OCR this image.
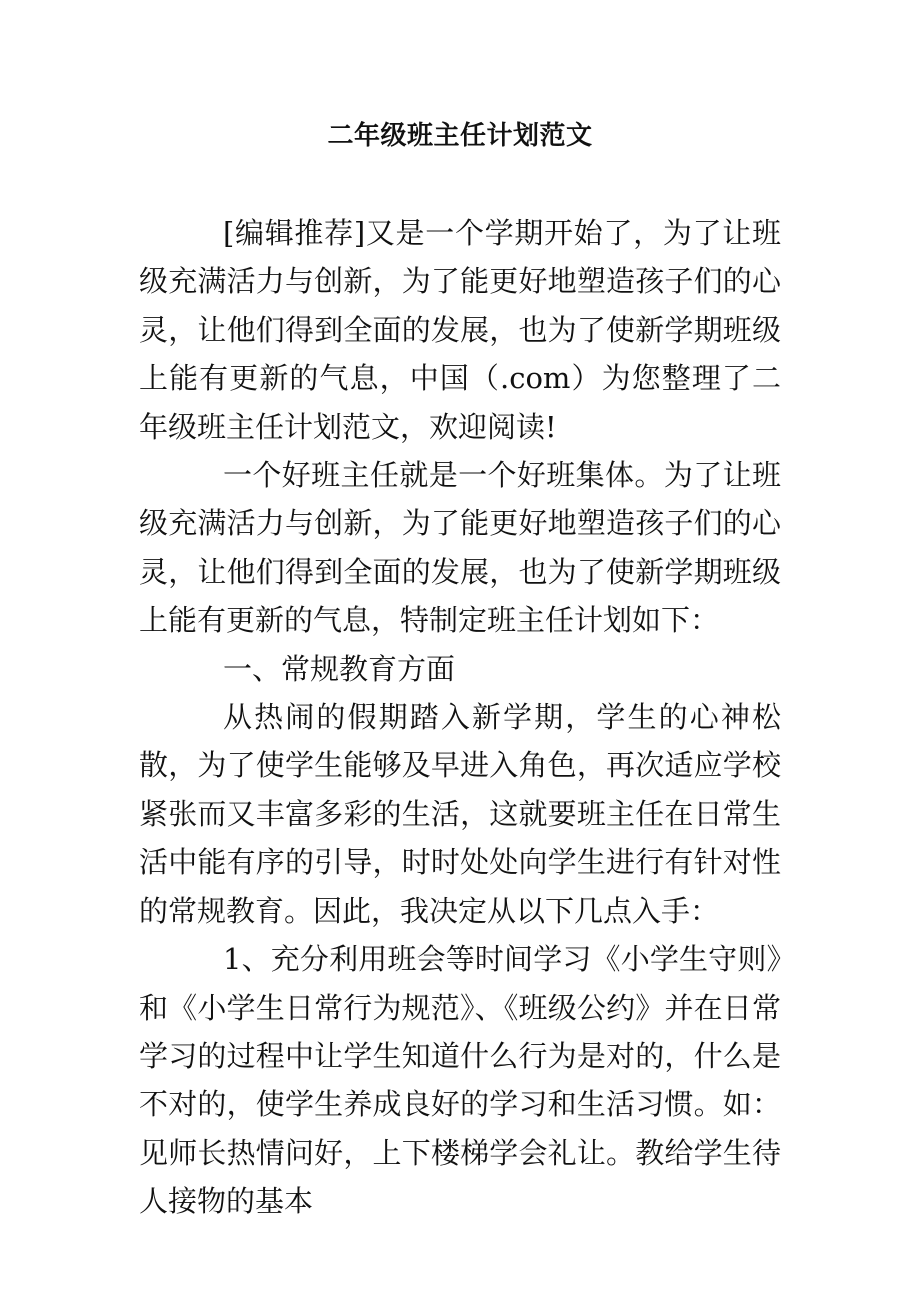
二年级班主任计划范文

[编辑推荐]又是一个学期开始了，为了让班级充满活力与创新，为了能更好地塑造孩子们的心灵，让他们得到全面的发展，也为了使新学期班级上能有更新的气息，中国（.com）为您整理了二年级班主任计划范文，欢迎阅读!

一个好班主任就是一个好班集体。为了让班级充满活力与创新，为了能更好地塑造孩子们的心灵，让他们得到全面的发展，也为了使新学期班级上能有更新的气息，特制定班主任计划如下：

一、常规教育方面

从热闹的假期踏入新学期，学生的心神松散，为了使学生能够及早进入角色，再次适应学校紧张而又丰富多彩的生活，这就要班主任在日常生活中能有序的引导，时时处处向学生进行有针对性的常规教育。因此，我决定从以下几点入手：

1、充分利用班会等时间学习《小学生守则》和《小学生日常行为规范》、《班级公约》并在日常学习的过程中让学生知道什么行为是对的，什么是不对的，使学生养成良好的学习和生活习惯。如：见师长热情问好，上下楼梯学会礼让。教给学生待人接物的基本
